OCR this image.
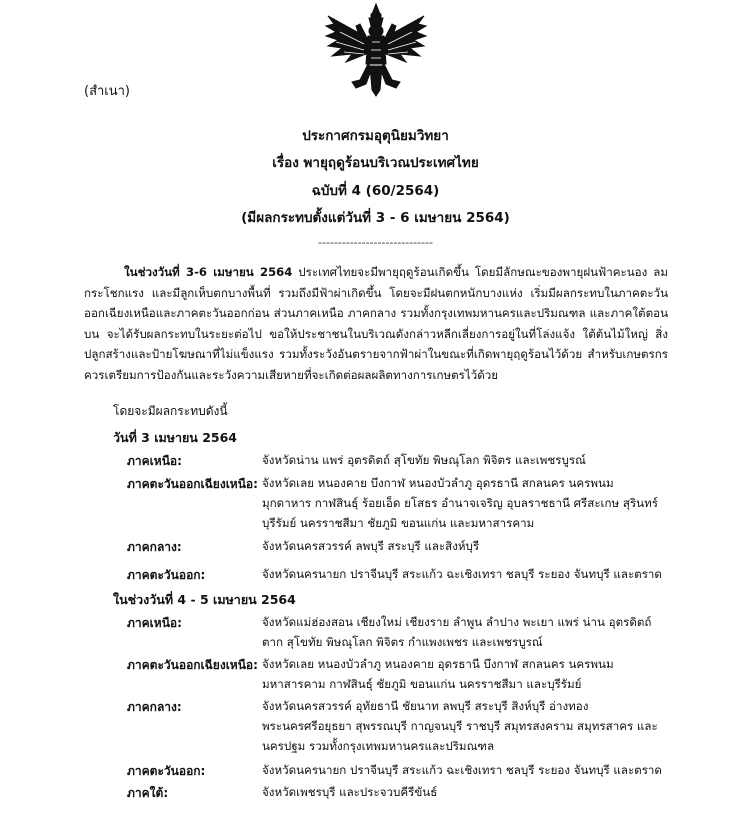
(สำเนา)
ประกาศกรมอุตุนิยมวิทยา
เรื่อง พายุฤดูร้อนบริเวณประเทศไทย
ฉบับที่ 4 (60/2564)
(มีผลกระทบตั้งแต่วันที่ 3 - 6 เมษายน 2564)
-----------------------------
ในช่วงวันที่ 3-6 เมษายน 2564 ประเทศไทยจะมีพายุฤดูร้อนเกิดขึ้น โดยมีลักษณะของพายุฝนฟ้าคะนอง ลมกระโชกแรง และมีลูกเห็บตกบางพื้นที่ รวมถึงมีฟ้าผ่าเกิดขึ้น โดยจะมีฝนตกหนักบางแห่ง เริ่มมีผลกระทบในภาคตะวันออกเฉียงเหนือและภาคตะวันออกก่อน ส่วนภาคเหนือ ภาคกลาง รวมทั้งกรุงเทพมหานครและปริมณฑล และภาคใต้ตอนบน จะได้รับผลกระทบในระยะต่อไป ขอให้ประชาชนในบริเวณดังกล่าวหลีกเลี่ยงการอยู่ในที่โล่งแจ้ง ใต้ต้นไม้ใหญ่ สิ่งปลูกสร้างและป้ายโฆษณาที่ไม่แข็งแรง รวมทั้งระวังอันตรายจากฟ้าผ่าในขณะที่เกิดพายุฤดูร้อนไว้ด้วย สำหรับเกษตรกรควรเตรียมการป้องกันและระวังความเสียหายที่จะเกิดต่อผลผลิตทางการเกษตรไว้ด้วย
โดยจะมีผลกระทบดังนี้
วันที่ 3 เมษายน 2564
ภาคเหนือ:	จังหวัดน่าน แพร่ อุตรดิตถ์ สุโขทัย พิษณุโลก พิจิตร และเพชรบูรณ์
ภาคตะวันออกเฉียงเหนือ: จังหวัดเลย หนองคาย บึงกาฬ หนองบัวลำภู อุดรธานี สกลนคร นครพนม มุกดาหาร กาฬสินธุ์ ร้อยเอ็ด ยโสธร อำนาจเจริญ อุบลราชธานี ศรีสะเกษ สุรินทร์ บุรีรัมย์ นครราชสีมา ชัยภูมิ ขอนแก่น และมหาสารคาม
ภาคกลาง:	จังหวัดนครสวรรค์ ลพบุรี สระบุรี และสิงห์บุรี
ภาคตะวันออก:	จังหวัดนครนายก ปราจีนบุรี สระแก้ว ฉะเชิงเทรา ชลบุรี ระยอง จันทบุรี และตราด
ในช่วงวันที่ 4 - 5 เมษายน 2564
ภาคเหนือ:	จังหวัดแม่ฮ่องสอน เชียงใหม่ เชียงราย ลำพูน ลำปาง พะเยา แพร่ น่าน อุตรดิตถ์ ตาก สุโขทัย พิษณุโลก พิจิตร กำแพงเพชร และเพชรบูรณ์
ภาคตะวันออกเฉียงเหนือ: จังหวัดเลย หนองบัวลำภู หนองคาย อุดรธานี บึงกาฬ สกลนคร นครพนม มหาสารคาม กาฬสินธุ์ ชัยภูมิ ขอนแก่น นครราชสีมา และบุรีรัมย์
ภาคกลาง:	จังหวัดนครสวรรค์ อุทัยธานี ชัยนาท ลพบุรี สระบุรี สิงห์บุรี อ่างทอง พระนครศรีอยุธยา สุพรรณบุรี กาญจนบุรี ราชบุรี สมุทรสงคราม สมุทรสาคร และนครปฐม รวมทั้งกรุงเทพมหานครและปริมณฑล
ภาคตะวันออก:	จังหวัดนครนายก ปราจีนบุรี สระแก้ว ฉะเชิงเทรา ชลบุรี ระยอง จันทบุรี และตราด
ภาคใต้:	จังหวัดเพชรบุรี และประจวบคีรีขันธ์
